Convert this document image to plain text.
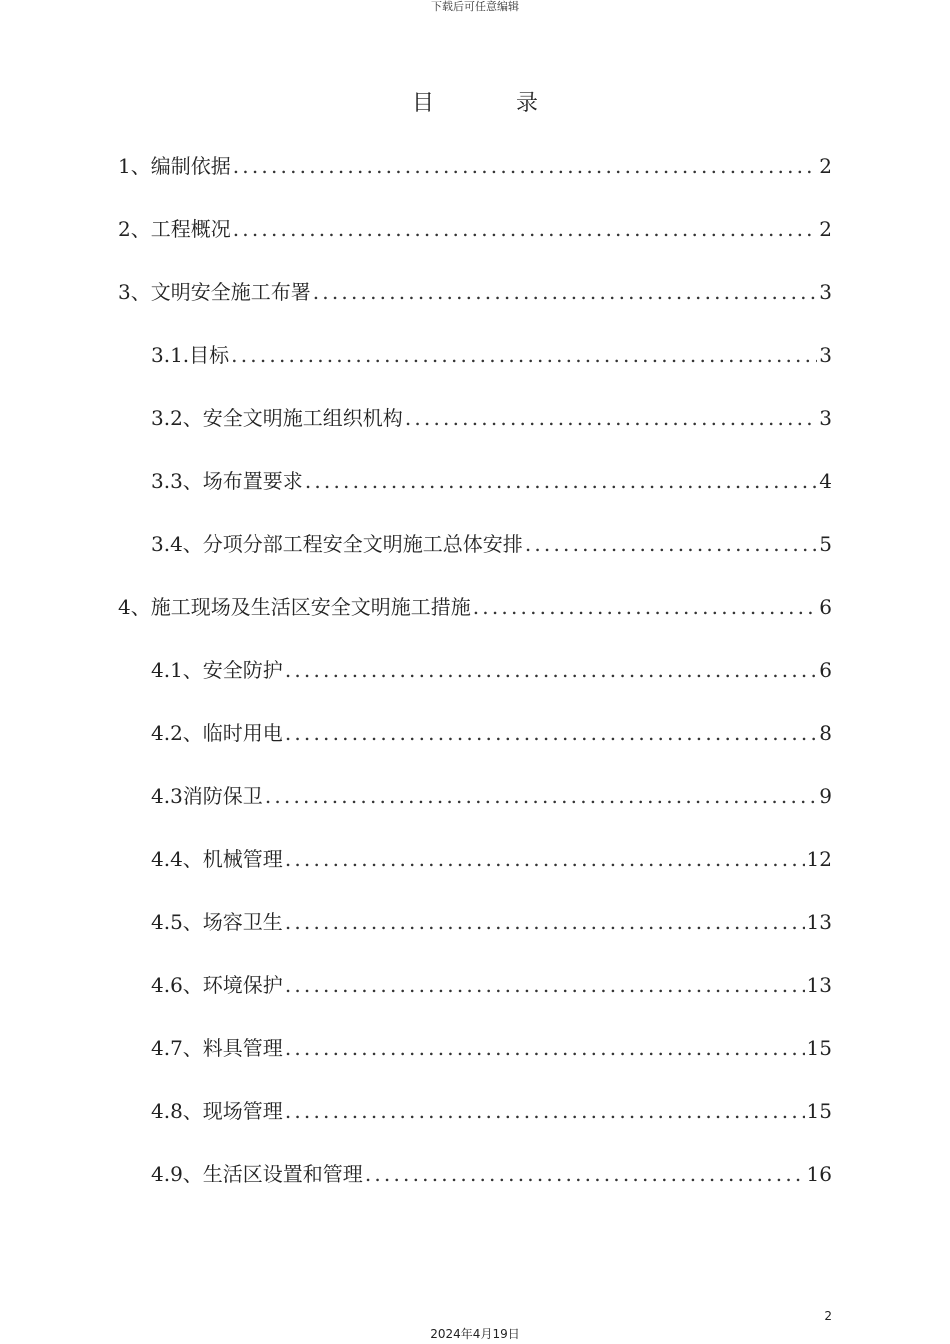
下载后可任意编辑
目	录
1、编制依据 .....	2
2、工程概况 .....	2
3、文明安全施工布署 .....	3
3.1.目标 .....	3
3.2、安全文明施工组织机构 .....	3
3.3、场布置要求 .....	4
3.4、分项分部工程安全文明施工总体安排 .....	5
4、施工现场及生活区安全文明施工措施 .....	6
4.1、安全防护 .....	6
4.2、临时用电 .....	8
4.3消防保卫 .....	9
4.4、机械管理 .....	12
4.5、场容卫生 .....	13
4.6、环境保护 .....	13
4.7、料具管理 .....	15
4.8、现场管理 .....	15
4.9、生活区设置和管理 .....	16
2
2024年4月19日
